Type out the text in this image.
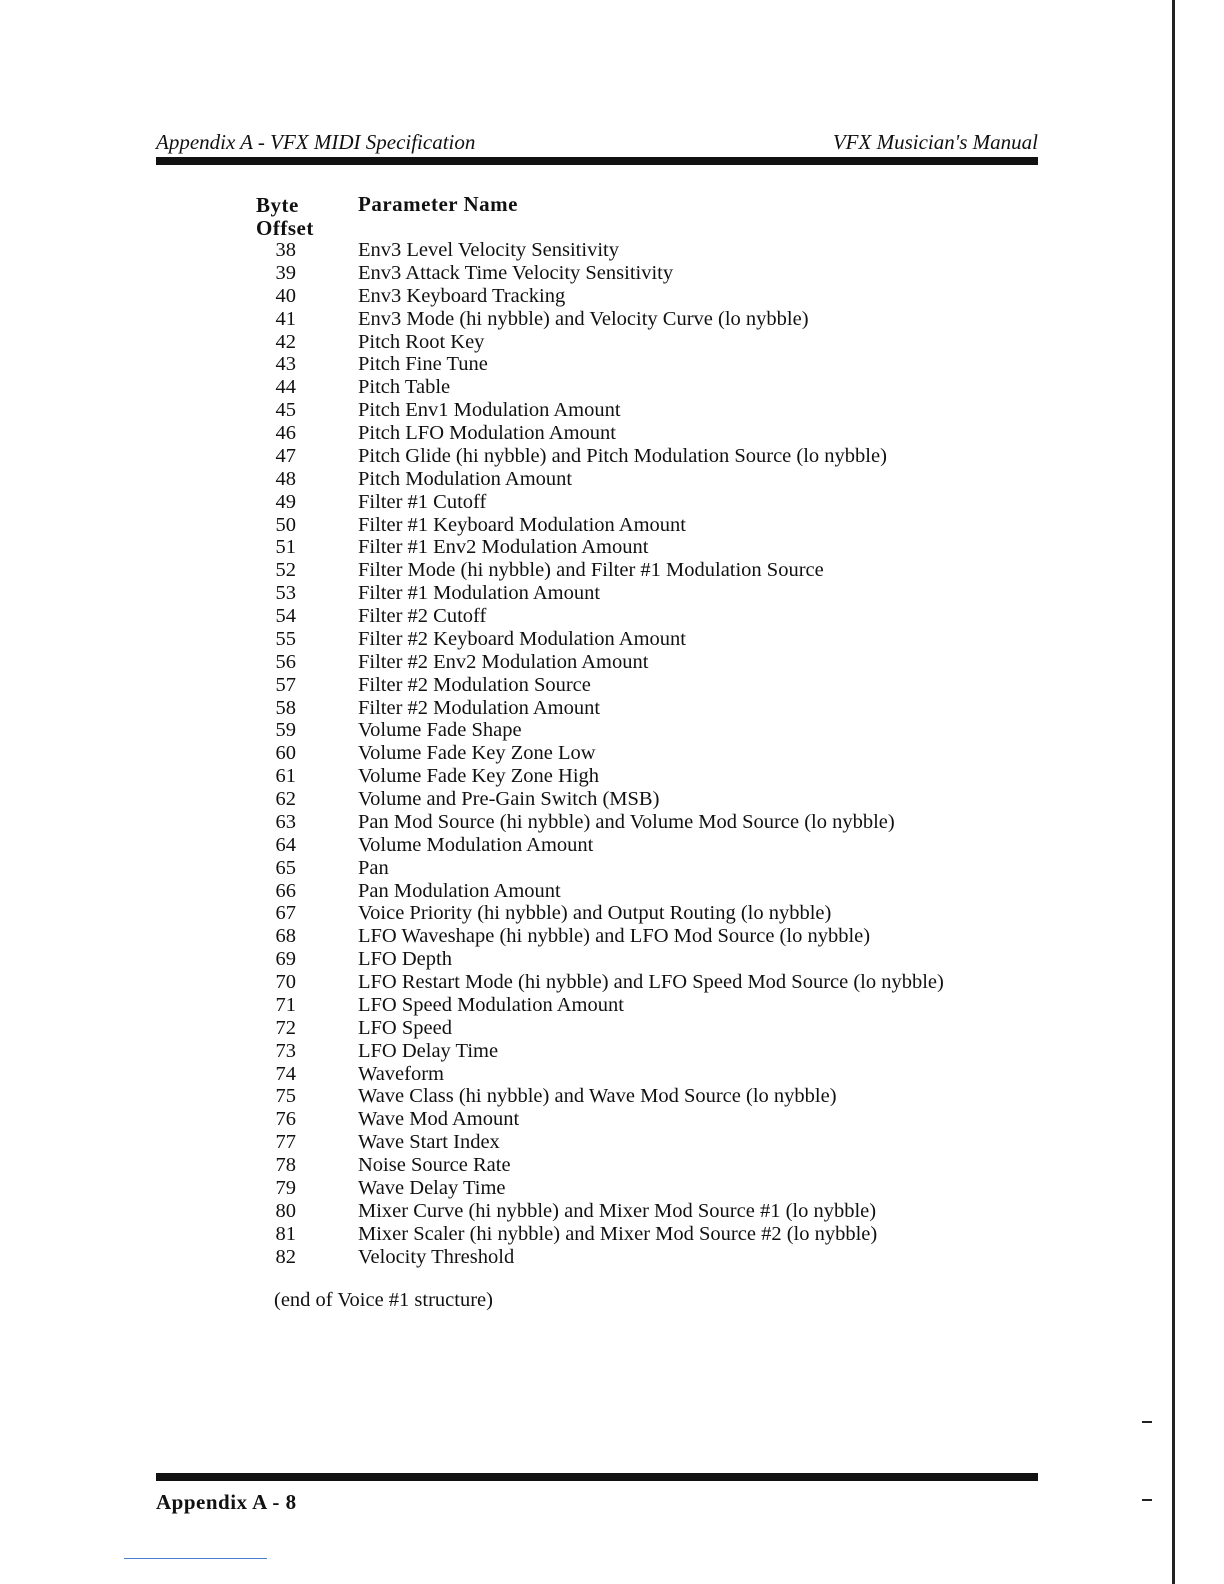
Appendix A - VFX MIDI Specification	VFX Musician's Manual
Byte
Offset
Parameter Name
38	Env3 Level Velocity Sensitivity
39	Env3 Attack Time Velocity Sensitivity
40	Env3 Keyboard Tracking
41	Env3 Mode (hi nybble) and Velocity Curve (lo nybble)
42	Pitch Root Key
43	Pitch Fine Tune
44	Pitch Table
45	Pitch Env1 Modulation Amount
46	Pitch LFO Modulation Amount
47	Pitch Glide (hi nybble) and Pitch Modulation Source (lo nybble)
48	Pitch Modulation Amount
49	Filter #1 Cutoff
50	Filter #1 Keyboard Modulation Amount
51	Filter #1 Env2 Modulation Amount
52	Filter Mode (hi nybble) and Filter #1 Modulation Source
53	Filter #1 Modulation Amount
54	Filter #2 Cutoff
55	Filter #2 Keyboard Modulation Amount
56	Filter #2 Env2 Modulation Amount
57	Filter #2 Modulation Source
58	Filter #2 Modulation Amount
59	Volume Fade Shape
60	Volume Fade Key Zone Low
61	Volume Fade Key Zone High
62	Volume and Pre-Gain Switch (MSB)
63	Pan Mod Source (hi nybble) and Volume Mod Source (lo nybble)
64	Volume Modulation Amount
65	Pan
66	Pan Modulation Amount
67	Voice Priority (hi nybble) and Output Routing (lo nybble)
68	LFO Waveshape (hi nybble) and LFO Mod Source (lo nybble)
69	LFO Depth
70	LFO Restart Mode (hi nybble) and LFO Speed Mod Source (lo nybble)
71	LFO Speed Modulation Amount
72	LFO Speed
73	LFO Delay Time
74	Waveform
75	Wave Class (hi nybble) and Wave Mod Source (lo nybble)
76	Wave Mod Amount
77	Wave Start Index
78	Noise Source Rate
79	Wave Delay Time
80	Mixer Curve (hi nybble) and Mixer Mod Source #1 (lo nybble)
81	Mixer Scaler (hi nybble) and Mixer Mod Source #2 (lo nybble)
82	Velocity Threshold
(end of Voice #1 structure)
Appendix A - 8
